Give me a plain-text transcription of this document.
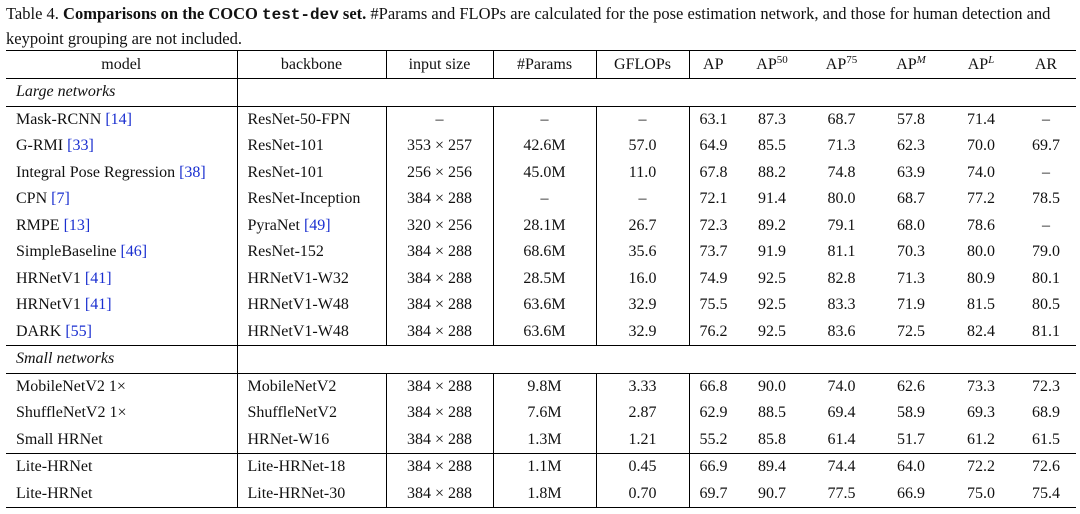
Table 4. Comparisons on the COCO test-dev set. #Params and FLOPs are calculated for the pose estimation network, and those for human detection and keypoint grouping are not included.
model	backbone	input size	#Params	GFLOPs	AP	AP$^{50}$	AP$^{75}$	$AP^M$	$AP^L$	AR
Large networks										
Mask-RCNN [14]	ResNet-50-FPN	–	–	–	63.1	87.3	68.7	57.8	71.4	–
G-RMI [33]	ResNet-101	353 × 257	42.6M	57.0	64.9	85.5	71.3	62.3	70.0	69.7
Integral Pose Regression [38]	ResNet-101	256 × 256	45.0M	11.0	67.8	88.2	74.8	63.9	74.0	–
CPN [7]	ResNet-Inception	384 × 288	–	–	72.1	91.4	80.0	68.7	77.2	78.5
RMPE [13]	PyraNet [49]	320 × 256	28.1M	26.7	72.3	89.2	79.1	68.0	78.6	–
SimpleBaseline [46]	ResNet-152	384 × 288	68.6M	35.6	73.7	91.9	81.1	70.3	80.0	79.0
HRNetV1 [41]	HRNetV1-W32	384 × 288	28.5M	16.0	74.9	92.5	82.8	71.3	80.9	80.1
HRNetV1 [41]	HRNetV1-W48	384 × 288	63.6M	32.9	75.5	92.5	83.3	71.9	81.5	80.5
DARK [55]	HRNetV1-W48	384 × 288	63.6M	32.9	76.2	92.5	83.6	72.5	82.4	81.1
Small networks										
MobileNetV2 1×	MobileNetV2	384 × 288	9.8M	3.33	66.8	90.0	74.0	62.6	73.3	72.3
ShuffleNetV2 1×	ShuffleNetV2	384 × 288	7.6M	2.87	62.9	88.5	69.4	58.9	69.3	68.9
Small HRNet	HRNet-W16	384 × 288	1.3M	1.21	55.2	85.8	61.4	51.7	61.2	61.5
Lite-HRNet	Lite-HRNet-18	384 × 288	1.1M	0.45	66.9	89.4	74.4	64.0	72.2	72.6
Lite-HRNet	Lite-HRNet-30	384 × 288	1.8M	0.70	69.7	90.7	77.5	66.9	75.0	75.4
